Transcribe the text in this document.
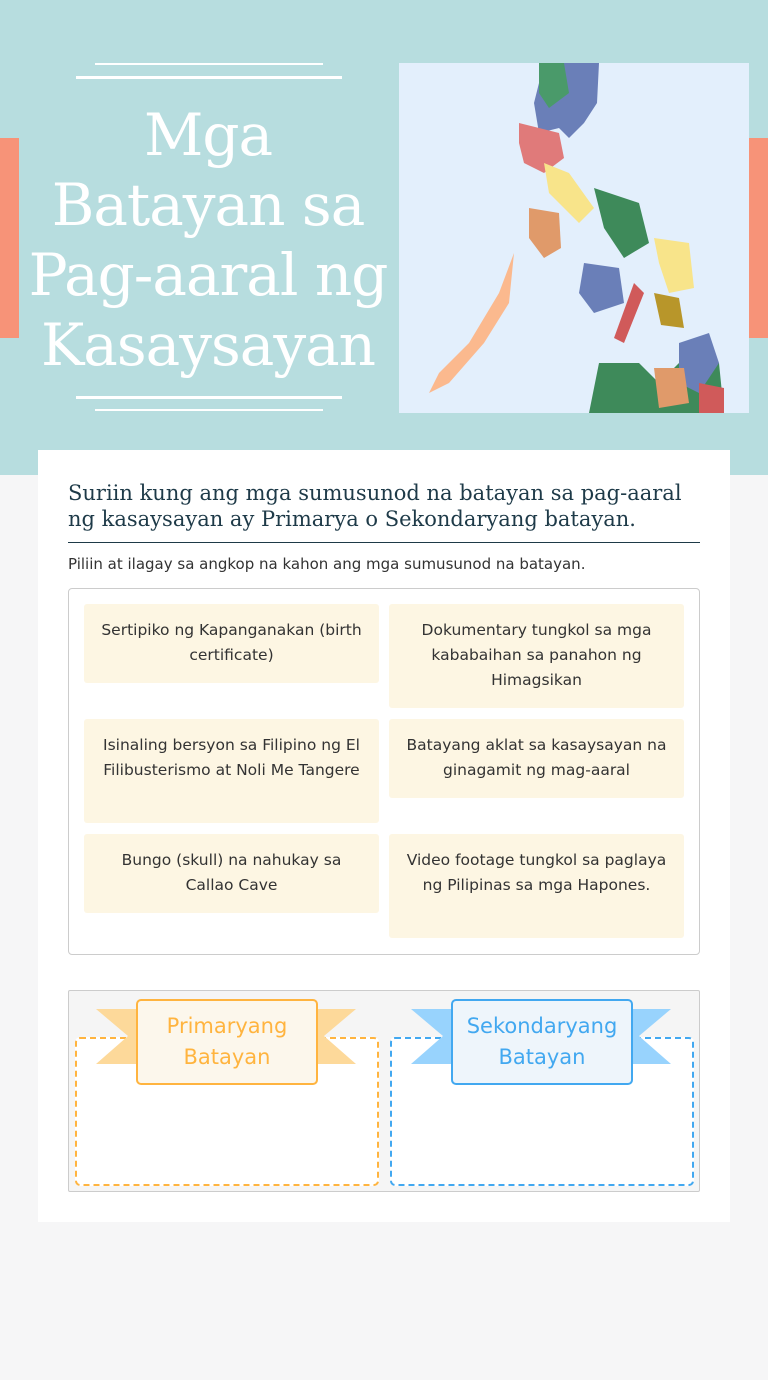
Mga Batayan sa Pag-aaral ng Kasaysayan
Suriin kung ang mga sumusunod na batayan sa pag-aaral ng kasaysayan ay Primarya o Sekondaryang batayan.
Piliin at ilagay sa angkop na kahon ang mga sumusunod na batayan.
Sertipiko ng Kapanganakan (birth certificate)
Dokumentary tungkol sa mga kababaihan sa panahon ng Himagsikan
Isinaling bersyon sa Filipino ng El Filibusterismo at Noli Me Tangere
Batayang aklat sa kasaysayan na ginagamit ng mag-aaral
Bungo (skull) na nahukay sa Callao Cave
Video footage tungkol sa paglaya ng Pilipinas sa mga Hapones.
Primaryang Batayan
Sekondaryang Batayan
